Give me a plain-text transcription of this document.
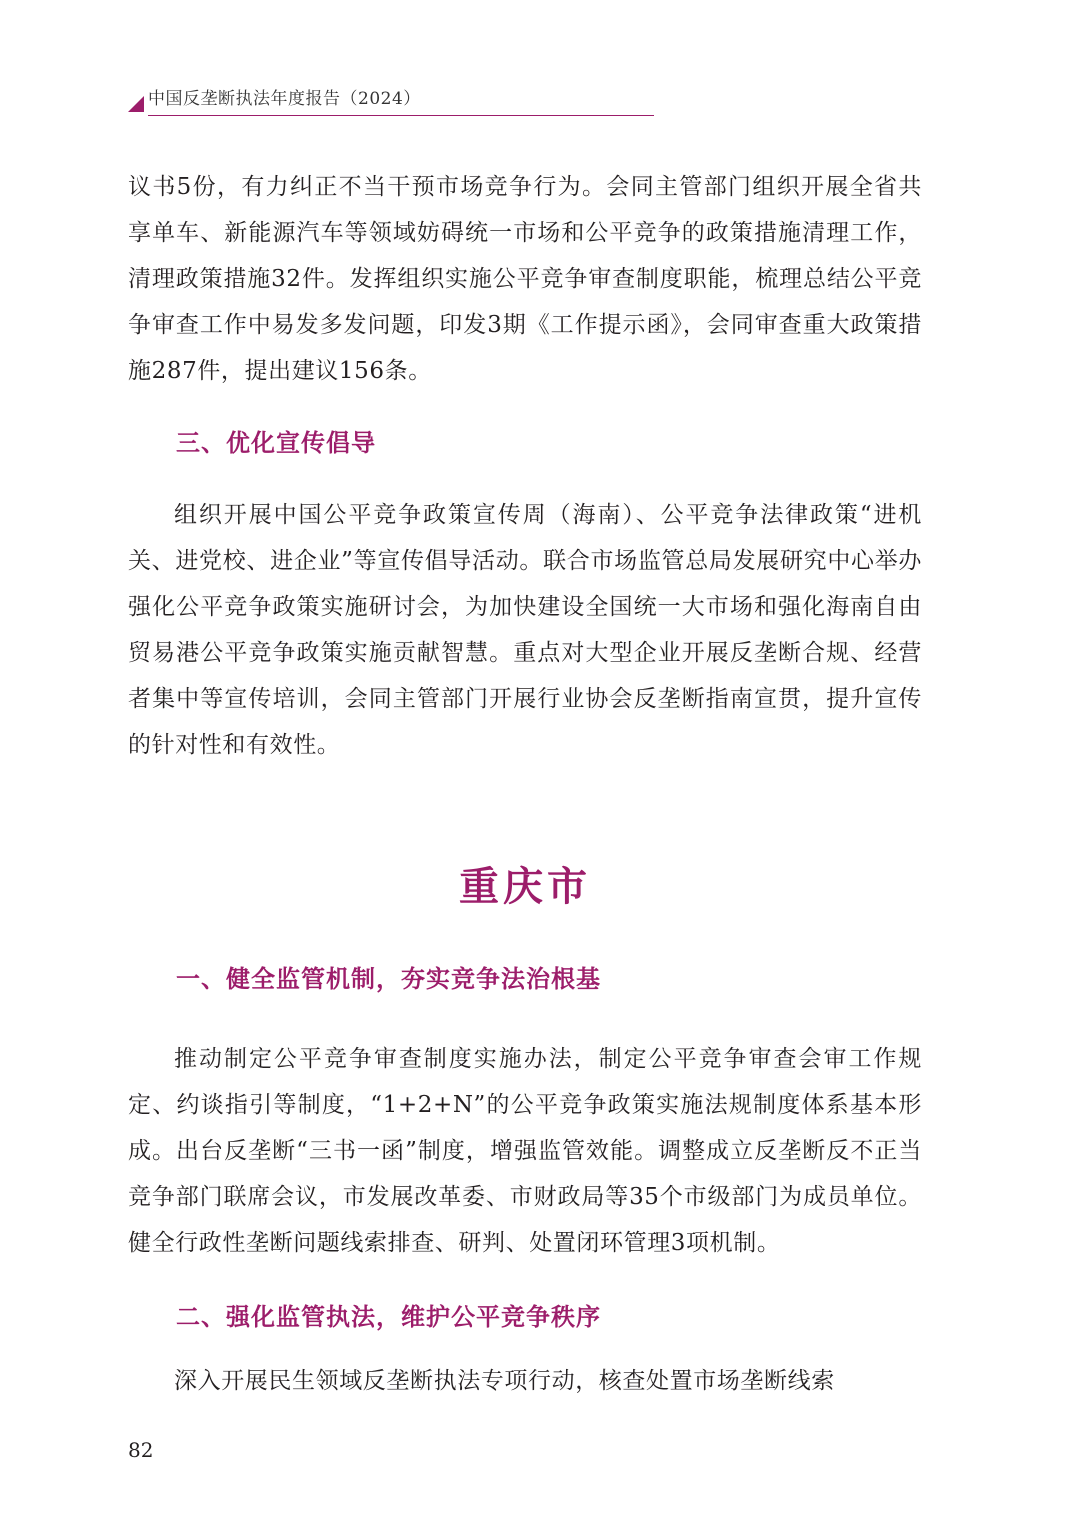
中国反垄断执法年度报告（2024）

议书5份，有力纠正不当干预市场竞争行为。会同主管部门组织开展全省共享单车、新能源汽车等领域妨碍统一市场和公平竞争的政策措施清理工作，清理政策措施32件。发挥组织实施公平竞争审查制度职能，梳理总结公平竞争审查工作中易发多发问题，印发3期《工作提示函》，会同审查重大政策措施287件，提出建议156条。

三、优化宣传倡导

组织开展中国公平竞争政策宣传周（海南）、公平竞争法律政策“进机关、进党校、进企业”等宣传倡导活动。联合市场监管总局发展研究中心举办强化公平竞争政策实施研讨会，为加快建设全国统一大市场和强化海南自由贸易港公平竞争政策实施贡献智慧。重点对大型企业开展反垄断合规、经营者集中等宣传培训，会同主管部门开展行业协会反垄断指南宣贯，提升宣传的针对性和有效性。

重庆市
一、健全监管机制，夯实竞争法治根基

推动制定公平竞争审查制度实施办法，制定公平竞争审查会审工作规定、约谈指引等制度，“1+2+N”的公平竞争政策实施法规制度体系基本形成。出台反垄断“三书一函”制度，增强监管效能。调整成立反垄断反不正当竞争部门联席会议，市发展改革委、市财政局等35个市级部门为成员单位。健全行政性垄断问题线索排查、研判、处置闭环管理3项机制。

二、强化监管执法，维护公平竞争秩序

深入开展民生领域反垄断执法专项行动，核查处置市场垄断线索

82
